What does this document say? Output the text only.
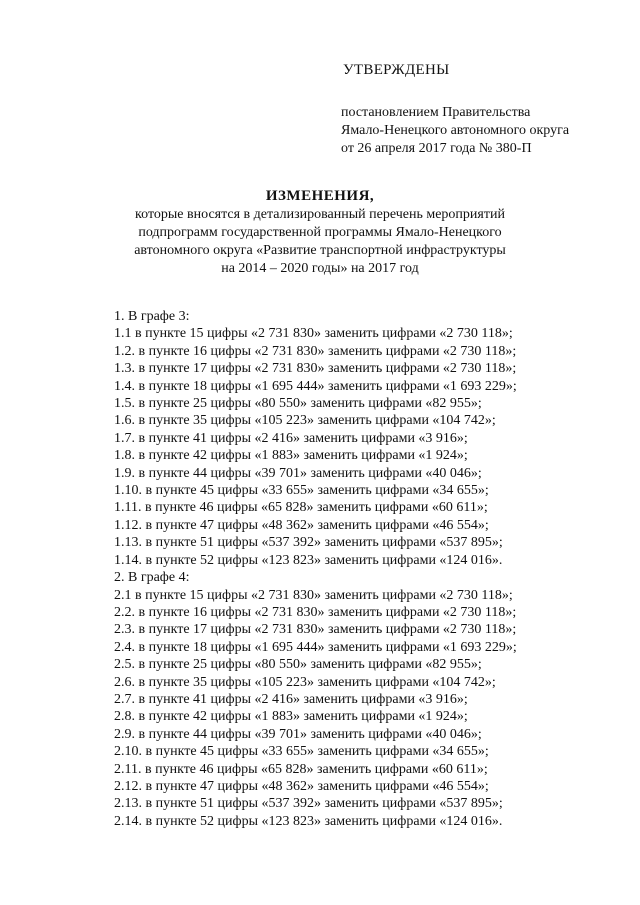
УТВЕРЖДЕНЫ
постановлением Правительства
Ямало-Ненецкого автономного округа
от 26 апреля 2017 года № 380-П
ИЗМЕНЕНИЯ,
которые вносятся в детализированный перечень мероприятий
подпрограмм государственной программы Ямало-Ненецкого
автономного округа «Развитие транспортной инфраструктуры
на 2014 – 2020 годы» на 2017 год
1. В графе 3:
1.1 в пункте 15 цифры «2 731 830» заменить цифрами «2 730 118»;
1.2. в пункте 16 цифры «2 731 830» заменить цифрами «2 730 118»;
1.3. в пункте 17 цифры «2 731 830» заменить цифрами «2 730 118»;
1.4. в пункте 18 цифры «1 695 444» заменить цифрами «1 693 229»;
1.5. в пункте 25 цифры «80 550» заменить цифрами «82 955»;
1.6. в пункте 35 цифры «105 223» заменить цифрами «104 742»;
1.7. в пункте 41 цифры «2 416» заменить цифрами «3 916»;
1.8. в пункте 42 цифры «1 883» заменить цифрами «1 924»;
1.9. в пункте 44 цифры «39 701» заменить цифрами «40 046»;
1.10. в пункте 45 цифры «33 655» заменить цифрами «34 655»;
1.11. в пункте 46 цифры «65 828» заменить цифрами «60 611»;
1.12. в пункте 47 цифры «48 362» заменить цифрами «46 554»;
1.13. в пункте 51 цифры «537 392» заменить цифрами «537 895»;
1.14. в пункте 52 цифры «123 823» заменить цифрами «124 016».
2. В графе 4:
2.1 в пункте 15 цифры «2 731 830» заменить цифрами «2 730 118»;
2.2. в пункте 16 цифры «2 731 830» заменить цифрами «2 730 118»;
2.3. в пункте 17 цифры «2 731 830» заменить цифрами «2 730 118»;
2.4. в пункте 18 цифры «1 695 444» заменить цифрами «1 693 229»;
2.5. в пункте 25 цифры «80 550» заменить цифрами «82 955»;
2.6. в пункте 35 цифры «105 223» заменить цифрами «104 742»;
2.7. в пункте 41 цифры «2 416» заменить цифрами «3 916»;
2.8. в пункте 42 цифры «1 883» заменить цифрами «1 924»;
2.9. в пункте 44 цифры «39 701» заменить цифрами «40 046»;
2.10. в пункте 45 цифры «33 655» заменить цифрами «34 655»;
2.11. в пункте 46 цифры «65 828» заменить цифрами «60 611»;
2.12. в пункте 47 цифры «48 362» заменить цифрами «46 554»;
2.13. в пункте 51 цифры «537 392» заменить цифрами «537 895»;
2.14. в пункте 52 цифры «123 823» заменить цифрами «124 016».
